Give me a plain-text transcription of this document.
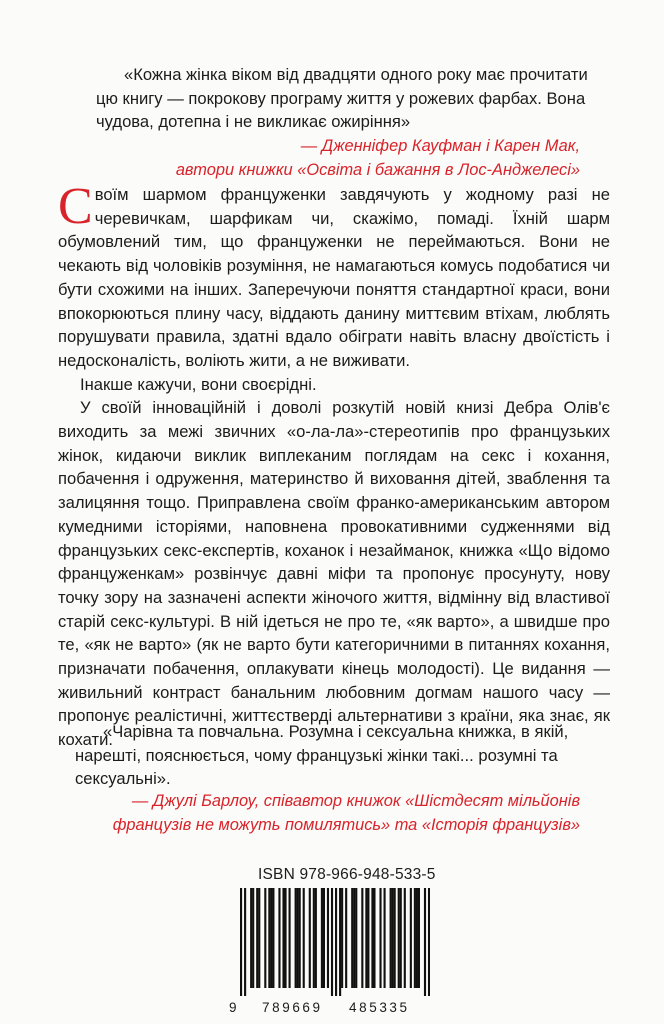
«Кожна жінка віком від двадцяти одного року має прочитати цю книгу — покрокову програму життя у рожевих фарбах. Вона чудова, дотепна і не викликає ожиріння»

— Дженніфер Кауфман і Карен Мак,
автори книжки «Освіта і бажання в Лос-Анджелесі»

Своїм шармом француженки завдячують у жодному разі не черевичкам, шарфикам чи, скажімо, помаді. Їхній шарм обумовлений тим, що француженки не переймаються. Вони не чекають від чоловіків розуміння, не намагаються комусь подобатися чи бути схожими на інших. Заперечуючи поняття стандартної краси, вони впокорюються плину часу, віддають данину миттєвим втіхам, люблять порушувати правила, здатні вдало обіграти навіть власну двоїстість і недосконалість, воліють жити, а не виживати.

Інакше кажучи, вони своєрідні.

У своїй інноваційній і доволі розкутій новій книзі Дебра Олів'є виходить за межі звичних «о-ла-ла»-стереотипів про французьких жінок, кидаючи виклик виплеканим поглядам на секс і кохання, побачення і одруження, материнство й виховання дітей, зваблення та залицяння тощо. Приправлена своїм франко-американським автором кумедними історіями, наповнена провокативними судженнями від французьких секс-експертів, коханок і незайманок, книжка «Що відомо француженкам» розвінчує давні міфи та пропонує просунуту, нову точку зору на зазначені аспекти жіночого життя, відмінну від властивої старій секс-культурі. В ній ідеться не про те, «як варто», а швидше про те, «як не варто» (як не варто бути категоричними в питаннях кохання, призначати побачення, оплакувати кінець молодості). Це видання — живильний контраст банальним любовним догмам нашого часу — пропонує реалістичні, життєстверді альтернативи з країни, яка знає, як кохати.

«Чарівна та повчальна. Розумна і сексуальна книжка, в якій, нарешті, пояснюється, чому французькі жінки такі... розумні та сексуальні».

— Джулі Барлоу, співавтор книжок «Шістдесят мільйонів
французів не можуть помилятись» та «Історія французів»
ISBN 978-966-948-533-5
9 789669 485335
